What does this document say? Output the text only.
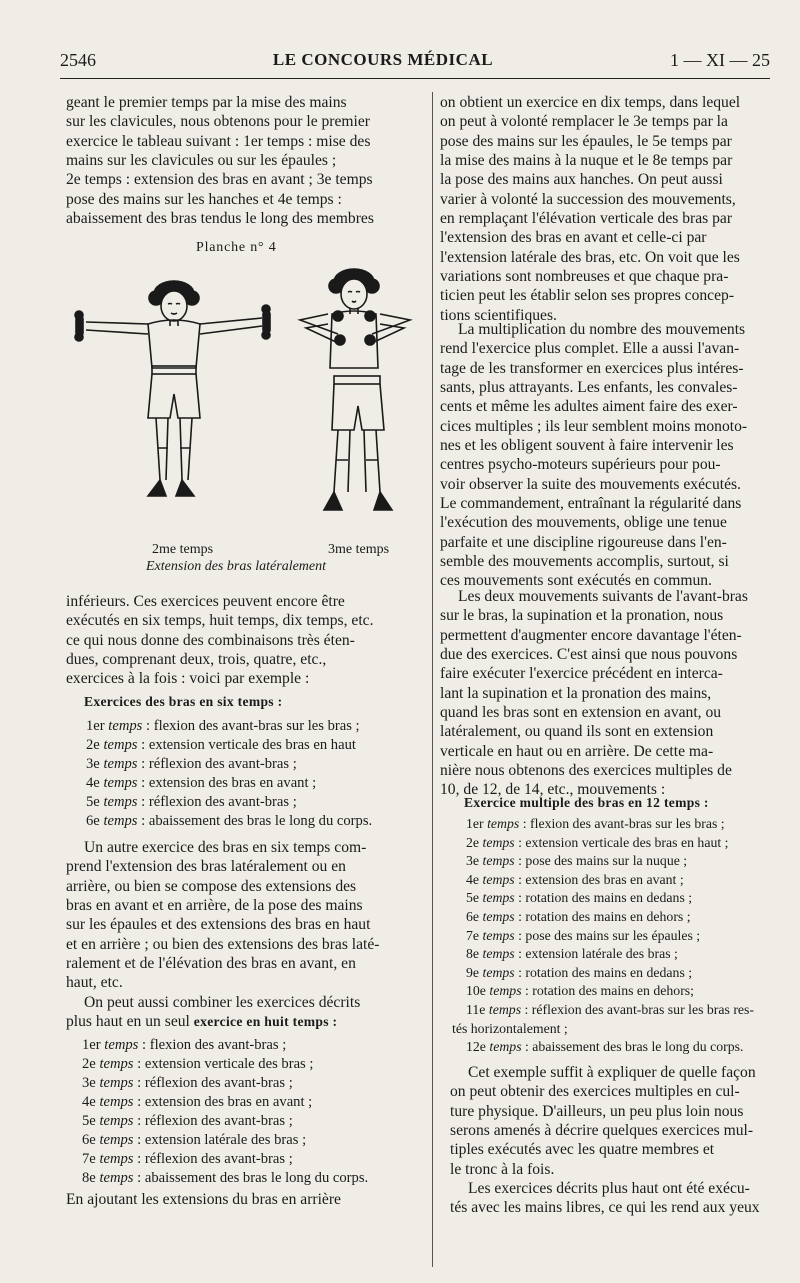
2546	LE CONCOURS MÉDICAL	1 — XI — 25
geant le premier temps par la mise des mains
sur les clavicules, nous obtenons pour le premier
exercice le tableau suivant : 1er temps : mise des
mains sur les clavicules ou sur les épaules ;
2e temps : extension des bras en avant ; 3e temps
pose des mains sur les hanches et 4e temps :
abaissement des bras tendus le long des membres
Planche n° 4
2me temps	3me temps
Extension des bras latéralement
inférieurs. Ces exercices peuvent encore être
exécutés en six temps, huit temps, dix temps, etc.
ce qui nous donne des combinaisons très éten-
dues, comprenant deux, trois, quatre, etc.,
exercices à la fois : voici par exemple :
Exercices des bras en six temps :
1er temps : flexion des avant-bras sur les bras ;
2e temps : extension verticale des bras en haut
3e temps : réflexion des avant-bras ;
4e temps : extension des bras en avant ;
5e temps : réflexion des avant-bras ;
6e temps : abaissement des bras le long du corps.
Un autre exercice des bras en six temps com-
prend l'extension des bras latéralement ou en
arrière, ou bien se compose des extensions des
bras en avant et en arrière, de la pose des mains
sur les épaules et des extensions des bras en haut
et en arrière ; ou bien des extensions des bras laté-
ralement et de l'élévation des bras en avant, en
haut, etc.
On peut aussi combiner les exercices décrits
plus haut en un seul exercice en huit temps :
1er temps : flexion des avant-bras ;
2e temps : extension verticale des bras ;
3e temps : réflexion des avant-bras ;
4e temps : extension des bras en avant ;
5e temps : réflexion des avant-bras ;
6e temps : extension latérale des bras ;
7e temps : réflexion des avant-bras ;
8e temps : abaissement des bras le long du corps.
En ajoutant les extensions du bras en arrière
on obtient un exercice en dix temps, dans lequel
on peut à volonté remplacer le 3e temps par la
pose des mains sur les épaules, le 5e temps par
la mise des mains à la nuque et le 8e temps par
la pose des mains aux hanches. On peut aussi
varier à volonté la succession des mouvements,
en remplaçant l'élévation verticale des bras par
l'extension des bras en avant et celle-ci par
l'extension latérale des bras, etc. On voit que les
variations sont nombreuses et que chaque pra-
ticien peut les établir selon ses propres concep-
tions scientifiques.
La multiplication du nombre des mouvements
rend l'exercice plus complet. Elle a aussi l'avan-
tage de les transformer en exercices plus intéres-
sants, plus attrayants. Les enfants, les convales-
cents et même les adultes aiment faire des exer-
cices multiples ; ils leur semblent moins monoto-
nes et les obligent souvent à faire intervenir les
centres psycho-moteurs supérieurs pour pou-
voir observer la suite des mouvements exécutés.
Le commandement, entraînant la régularité dans
l'exécution des mouvements, oblige une tenue
parfaite et une discipline rigoureuse dans l'en-
semble des mouvements accomplis, surtout, si
ces mouvements sont exécutés en commun.
Les deux mouvements suivants de l'avant-bras
sur le bras, la supination et la pronation, nous
permettent d'augmenter encore davantage l'éten-
due des exercices. C'est ainsi que nous pouvons
faire exécuter l'exercice précédent en interca-
lant la supination et la pronation des mains,
quand les bras sont en extension en avant, ou
latéralement, ou quand ils sont en extension
verticale en haut ou en arrière. De cette ma-
nière nous obtenons des exercices multiples de
10, de 12, de 14, etc., mouvements :
Exercice multiple des bras en 12 temps :
1er temps : flexion des avant-bras sur les bras ;
2e temps : extension verticale des bras en haut ;
3e temps : pose des mains sur la nuque ;
4e temps : extension des bras en avant ;
5e temps : rotation des mains en dedans ;
6e temps : rotation des mains en dehors ;
7e temps : pose des mains sur les épaules ;
8e temps : extension latérale des bras ;
9e temps : rotation des mains en dedans ;
10e temps : rotation des mains en dehors;
11e temps : réflexion des avant-bras sur les bras res-
tés horizontalement ;
12e temps : abaissement des bras le long du corps.
Cet exemple suffit à expliquer de quelle façon
on peut obtenir des exercices multiples en cul-
ture physique. D'ailleurs, un peu plus loin nous
serons amenés à décrire quelques exercices mul-
tiples exécutés avec les quatre membres et
le tronc à la fois.
Les exercices décrits plus haut ont été exécu-
tés avec les mains libres, ce qui les rend aux yeux
